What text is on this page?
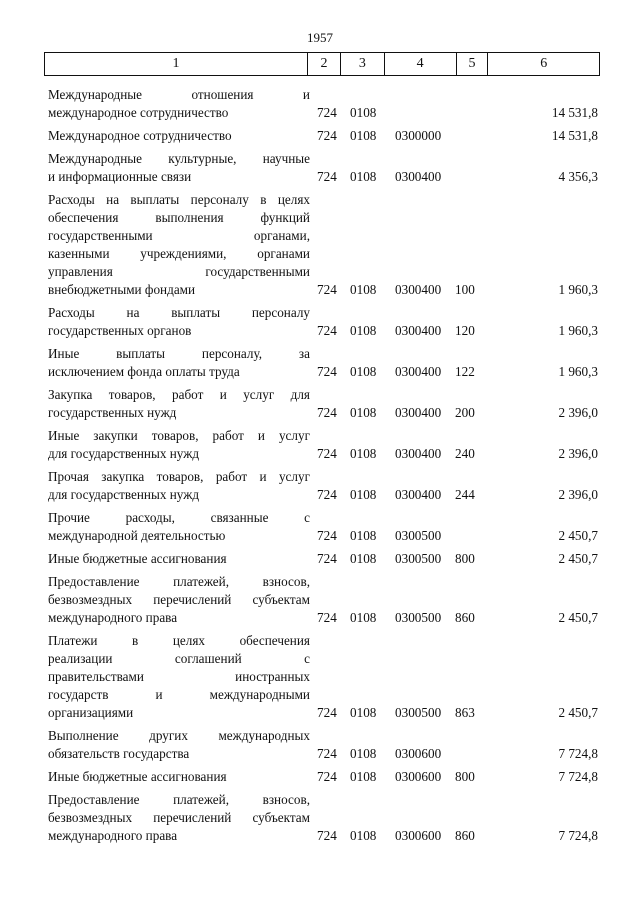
1957
1	2	3	4	5	6
Международные отношения и
международное сотрудничество	724 0108	14 531,8
Международное сотрудничество	724 0108 0300000	14 531,8
Международные культурные, научные
и информационные связи	724 0108 0300400	4 356,3
Расходы на выплаты персоналу в целях
обеспечения выполнения функций
государственными органами,
казенными учреждениями, органами
управления государственными
внебюджетными фондами	724 0108 0300400 100	1 960,3
Расходы на выплаты персоналу
государственных органов	724 0108 0300400 120	1 960,3
Иные выплаты персоналу, за
исключением фонда оплаты труда	724 0108 0300400 122	1 960,3
Закупка товаров, работ и услуг для
государственных нужд	724 0108 0300400 200	2 396,0
Иные закупки товаров, работ и услуг
для государственных нужд	724 0108 0300400 240	2 396,0
Прочая закупка товаров, работ и услуг
для государственных нужд	724 0108 0300400 244	2 396,0
Прочие расходы, связанные с
международной деятельностью	724 0108 0300500	2 450,7
Иные бюджетные ассигнования	724 0108 0300500 800	2 450,7
Предоставление платежей, взносов,
безвозмездных перечислений субъектам
международного права	724 0108 0300500 860	2 450,7
Платежи в целях обеспечения
реализации соглашений с
правительствами иностранных
государств и международными
организациями	724 0108 0300500 863	2 450,7
Выполнение других международных
обязательств государства	724 0108 0300600	7 724,8
Иные бюджетные ассигнования	724 0108 0300600 800	7 724,8
Предоставление платежей, взносов,
безвозмездных перечислений субъектам
международного права	724 0108 0300600 860	7 724,8
